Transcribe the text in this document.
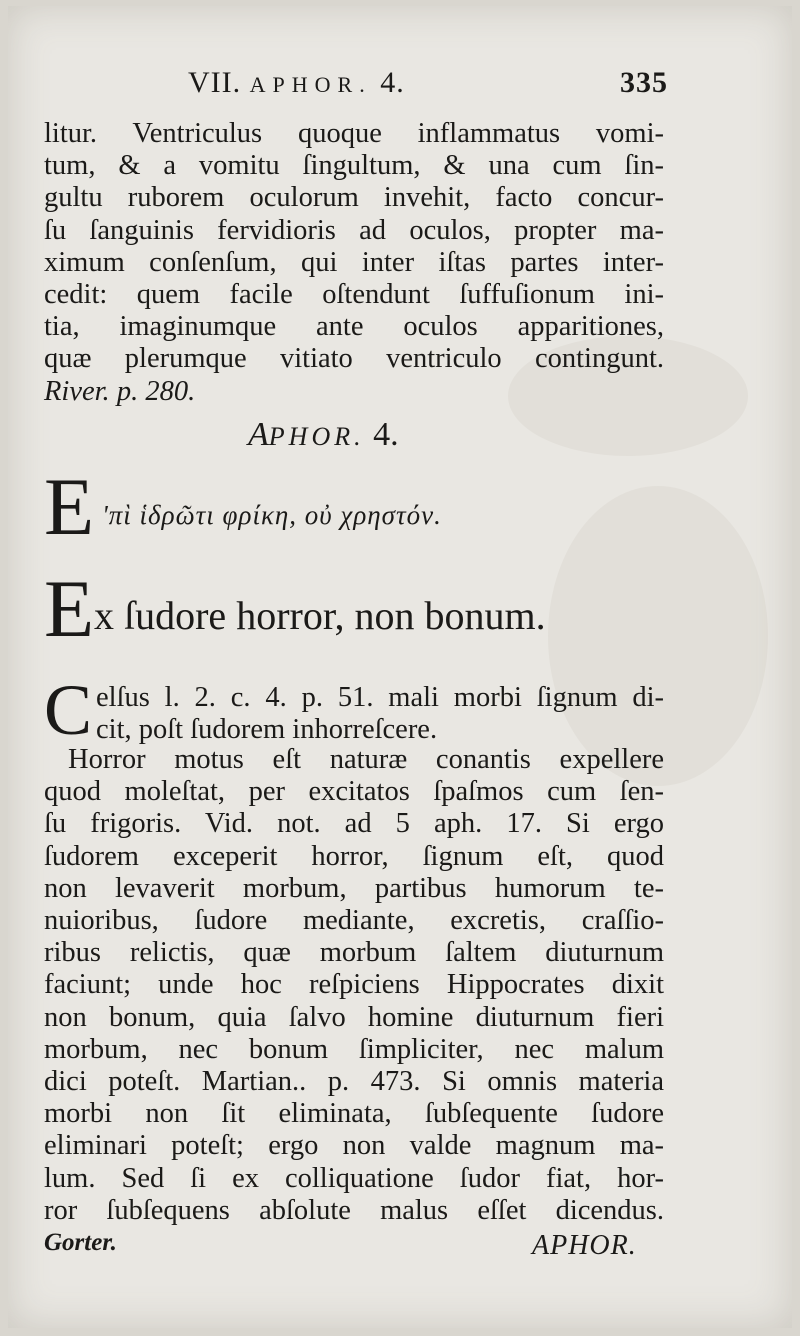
VII. APHOR. 4.	335
litur. Ventriculus quoque inflammatus vomi-
tum, & a vomitu ſingultum, & una cum ſin-
gultu ruborem oculorum invehit, facto concur-
ſu ſanguinis fervidioris ad oculos, propter ma-
ximum conſenſum, qui inter iſtas partes inter-
cedit: quem facile oſtendunt ſuffuſionum ini-
tia, imaginumque ante oculos apparitiones,
quæ plerumque vitiato ventriculo contingunt.
River. p. 280.
APHOR. 4.
E 'πὶ ἱδρῶτι φρίκη, οὐ χρηστόν.
E x ſudore horror, non bonum.
C elſus l. 2. c. 4. p. 51. mali morbi ſignum di-
cit, poſt ſudorem inhorreſcere.
Horror motus eſt naturæ conantis expellere
quod moleſtat, per excitatos ſpaſmos cum ſen-
ſu frigoris. Vid. not. ad 5 aph. 17. Si ergo
ſudorem exceperit horror, ſignum eſt, quod
non levaverit morbum, partibus humorum te-
nuioribus, ſudore mediante, excretis, craſſio-
ribus relictis, quæ morbum ſaltem diuturnum
faciunt; unde hoc reſpiciens Hippocrates dixit
non bonum, quia ſalvo homine diuturnum fieri
morbum, nec bonum ſimpliciter, nec malum
dici poteſt. Martian.. p. 473. Si omnis materia
morbi non ſit eliminata, ſubſequente ſudore
eliminari poteſt; ergo non valde magnum ma-
lum. Sed ſi ex colliquatione ſudor fiat, hor-
ror ſubſequens abſolute malus eſſet dicendus.
Gorter.	APHOR.
